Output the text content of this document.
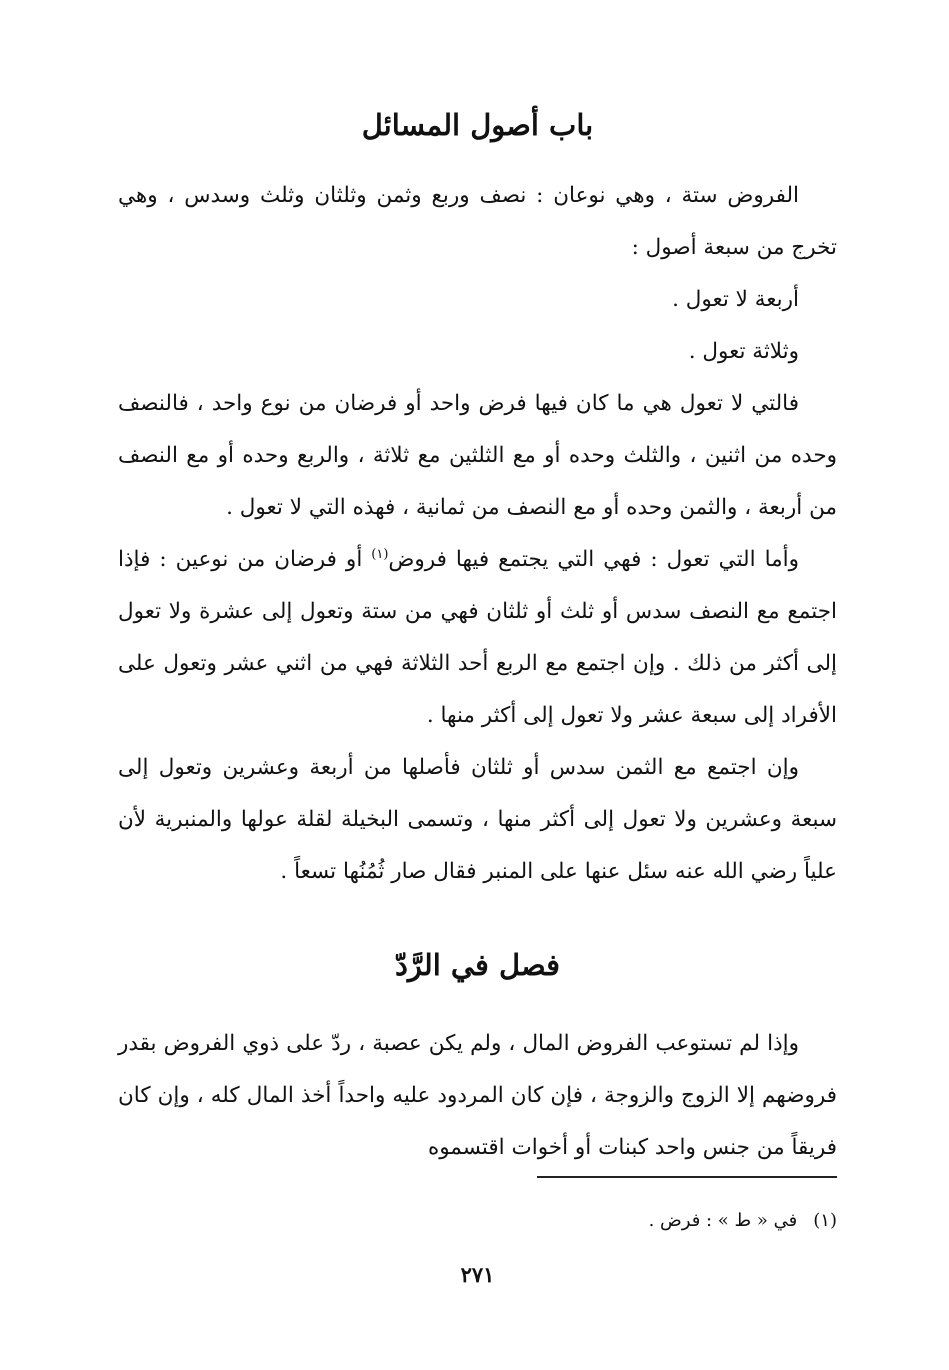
باب أصول المسائل

الفروض ستة ، وهي نوعان : نصف وربع وثمن وثلثان وثلث وسدس ، وهي تخرج من سبعة أصول :

أربعة لا تعول .

وثلاثة تعول .

فالتي لا تعول هي ما كان فيها فرض واحد أو فرضان من نوع واحد ، فالنصف وحده من اثنين ، والثلث وحده أو مع الثلثين مع ثلاثة ، والربع وحده أو مع النصف من أربعة ، والثمن وحده أو مع النصف من ثمانية ، فهذه التي لا تعول .

وأما التي تعول : فهي التي يجتمع فيها فروض$^{(١)}$ أو فرضان من نوعين : فإذا اجتمع مع النصف سدس أو ثلث أو ثلثان فهي من ستة وتعول إلى عشرة ولا تعول إلى أكثر من ذلك . وإن اجتمع مع الربع أحد الثلاثة فهي من اثني عشر وتعول على الأفراد إلى سبعة عشر ولا تعول إلى أكثر منها .

وإن اجتمع مع الثمن سدس أو ثلثان فأصلها من أربعة وعشرين وتعول إلى سبعة وعشرين ولا تعول إلى أكثر منها ، وتسمى البخيلة لقلة عولها والمنبرية لأن علياً رضي الله عنه سئل عنها على المنبر فقال صار ثُمُنُها تسعاً .

فصل في الرَّدّ

وإذا لم تستوعب الفروض المال ، ولم يكن عصبة ، ردّ على ذوي الفروض بقدر فروضهم إلا الزوج والزوجة ، فإن كان المردود عليه واحداً أخذ المال كله ، وإن كان فريقاً من جنس واحد كبنات أو أخوات اقتسموه

(١)في « ط » : فرض .
٢٧١
